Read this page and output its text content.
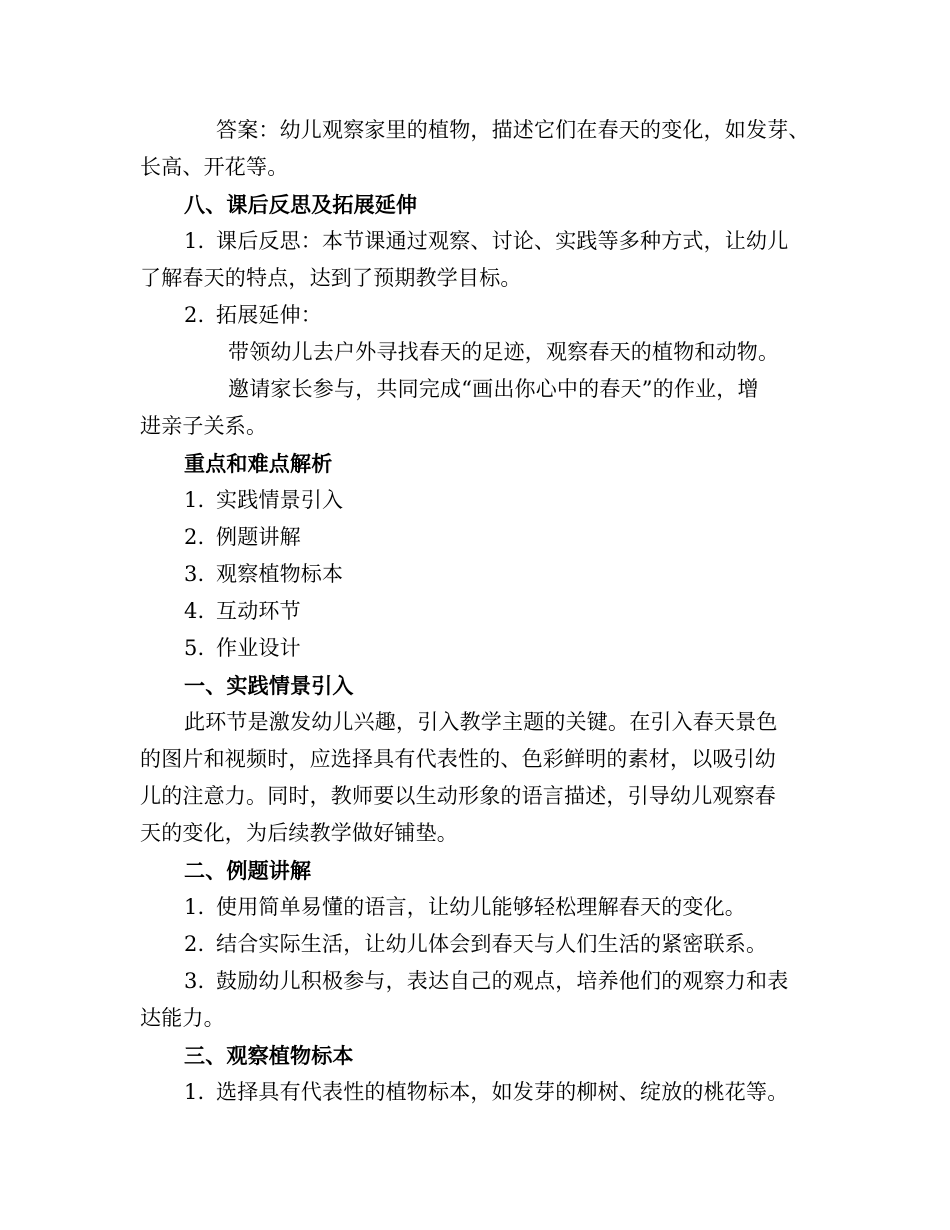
答案：幼儿观察家里的植物，描述它们在春天的变化，如发芽、
长高、开花等。
八、课后反思及拓展延伸
1. 课后反思：本节课通过观察、讨论、实践等多种方式，让幼儿
了解春天的特点，达到了预期教学目标。
2. 拓展延伸：
带领幼儿去户外寻找春天的足迹，观察春天的植物和动物。
邀请家长参与，共同完成“画出你心中的春天”的作业，增
进亲子关系。
重点和难点解析
1. 实践情景引入
2. 例题讲解
3. 观察植物标本
4. 互动环节
5. 作业设计
一、实践情景引入
此环节是激发幼儿兴趣，引入教学主题的关键。在引入春天景色
的图片和视频时，应选择具有代表性的、色彩鲜明的素材，以吸引幼
儿的注意力。同时，教师要以生动形象的语言描述，引导幼儿观察春
天的变化，为后续教学做好铺垫。
二、例题讲解
1. 使用简单易懂的语言，让幼儿能够轻松理解春天的变化。
2. 结合实际生活，让幼儿体会到春天与人们生活的紧密联系。
3. 鼓励幼儿积极参与，表达自己的观点，培养他们的观察力和表
达能力。
三、观察植物标本
1. 选择具有代表性的植物标本，如发芽的柳树、绽放的桃花等。
